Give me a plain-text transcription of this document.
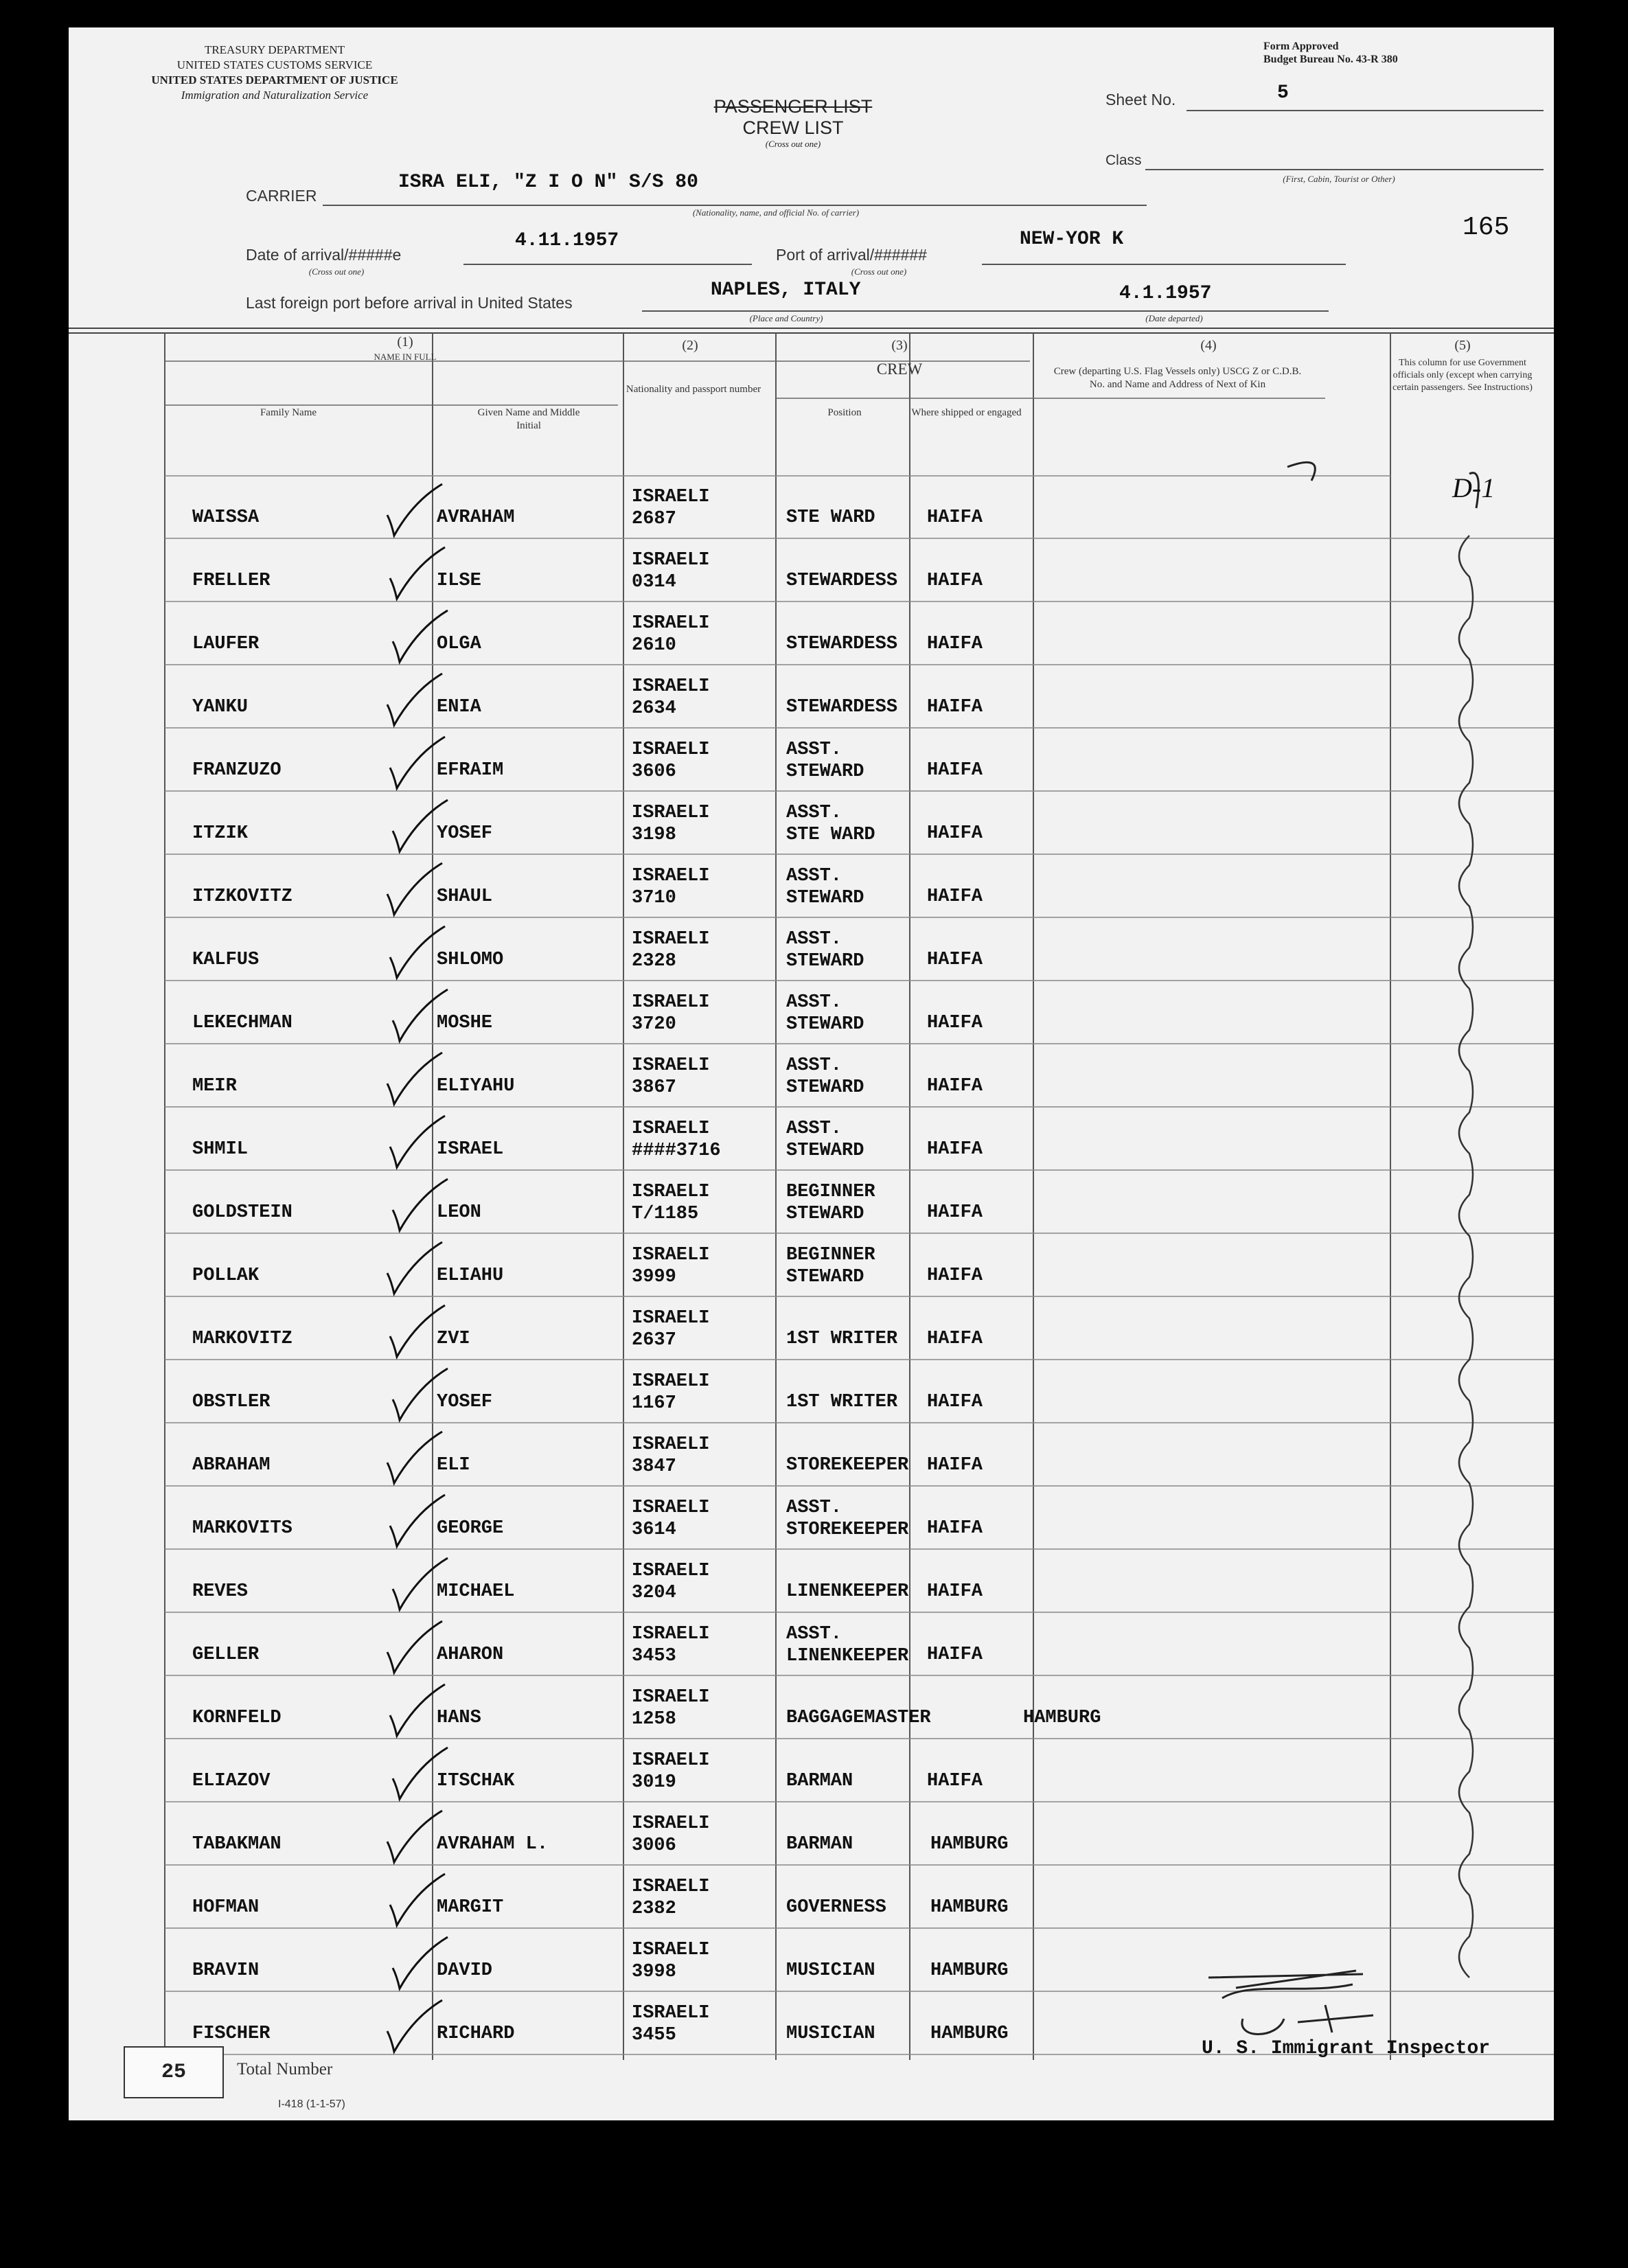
TREASURY DEPARTMENT
UNITED STATES CUSTOMS SERVICE
UNITED STATES DEPARTMENT OF JUSTICE
Immigration and Naturalization Service
Form Approved
Budget Bureau No. 43-R 380
PASSENGER LIST
CREW LIST
(Cross out one)
Sheet No.	5
Class
(First, Cabin, Tourist or Other)
CARRIER
ISRA ELI, "Z I O N" S/S 80
(Nationality, name, and official No. of carrier)
165
Date of arrival/#####e
4.11.1957
(Cross out one)
Port of arrival/######
NEW-YOR K
(Cross out one)
Last foreign port before arrival in United States
NAPLES, ITALY	4.1.1957
(Place and Country)	(Date departed)
(1)
NAME IN FULL
Family Name	Given Name and Middle Initial
(2)
Nationality and passport number
(3)
CREW
Position	Where shipped or engaged
(4)
Crew (departing U.S. Flag Vessels only) USCG Z or C.D.B. No. and Name and Address of Next of Kin
(5)
This column for use Government officials only (except when carrying certain passengers. See Instructions)
D-1
WAISSA	AVRAHAM
ISRAELI
2687	STE WARD	HAIFA
FRELLER	ILSE
ISRAELI
0314	STEWARDESS HAIFA
LAUFER	OLGA
ISRAELI
2610	STEWARDESS HAIFA
YANKU	ENIA
ISRAELI
2634	STEWARDESS HAIFA
FRANZUZO	EFRAIM
ISRAELI
3606
ASST.
STEWARD	HAIFA
ITZIK	YOSEF
ISRAELI
3198
ASST.
STE WARD	HAIFA
ITZKOVITZ	SHAUL
ISRAELI
3710
ASST.
STEWARD	HAIFA
KALFUS	SHLOMO
ISRAELI
2328
ASST.
STEWARD	HAIFA
LEKECHMAN	MOSHE
ISRAELI
3720
ASST.
STEWARD	HAIFA
MEIR	ELIYAHU
ISRAELI
3867
ASST.
STEWARD	HAIFA
SHMIL	ISRAEL
ISRAELI
####3716
ASST.
STEWARD	HAIFA
GOLDSTEIN	LEON
ISRAELI
T/1185
BEGINNER
STEWARD	HAIFA
POLLAK	ELIAHU
ISRAELI
3999
BEGINNER
STEWARD	HAIFA
MARKOVITZ	ZVI
ISRAELI
2637	1ST WRITER HAIFA
OBSTLER	YOSEF
ISRAELI
1167	1ST WRITER HAIFA
ABRAHAM	ELI
ISRAELI
3847	STOREKEEPER HAIFA
MARKOVITS	GEORGE
ISRAELI
3614
ASST.
STOREKEEPER HAIFA
REVES	MICHAEL
ISRAELI
3204	LINENKEEPER HAIFA
GELLER	AHARON
ISRAELI
3453
ASST.
LINENKEEPER HAIFA
KORNFELD	HANS
ISRAELI
1258	BAGGAGEMASTER	HAMBURG
ELIAZOV	ITSCHAK
ISRAELI
3019	BARMAN	HAIFA
TABAKMAN	AVRAHAM L.
ISRAELI
3006	BARMAN	HAMBURG
HOFMAN	MARGIT
ISRAELI
2382	GOVERNESS HAMBURG
BRAVIN	DAVID
ISRAELI
3998	MUSICIAN	HAMBURG
FISCHER	RICHARD
ISRAELI
3455	MUSICIAN	HAMBURG
25	Total Number
I-418 (1-1-57)
U. S. Immigrant Inspector
